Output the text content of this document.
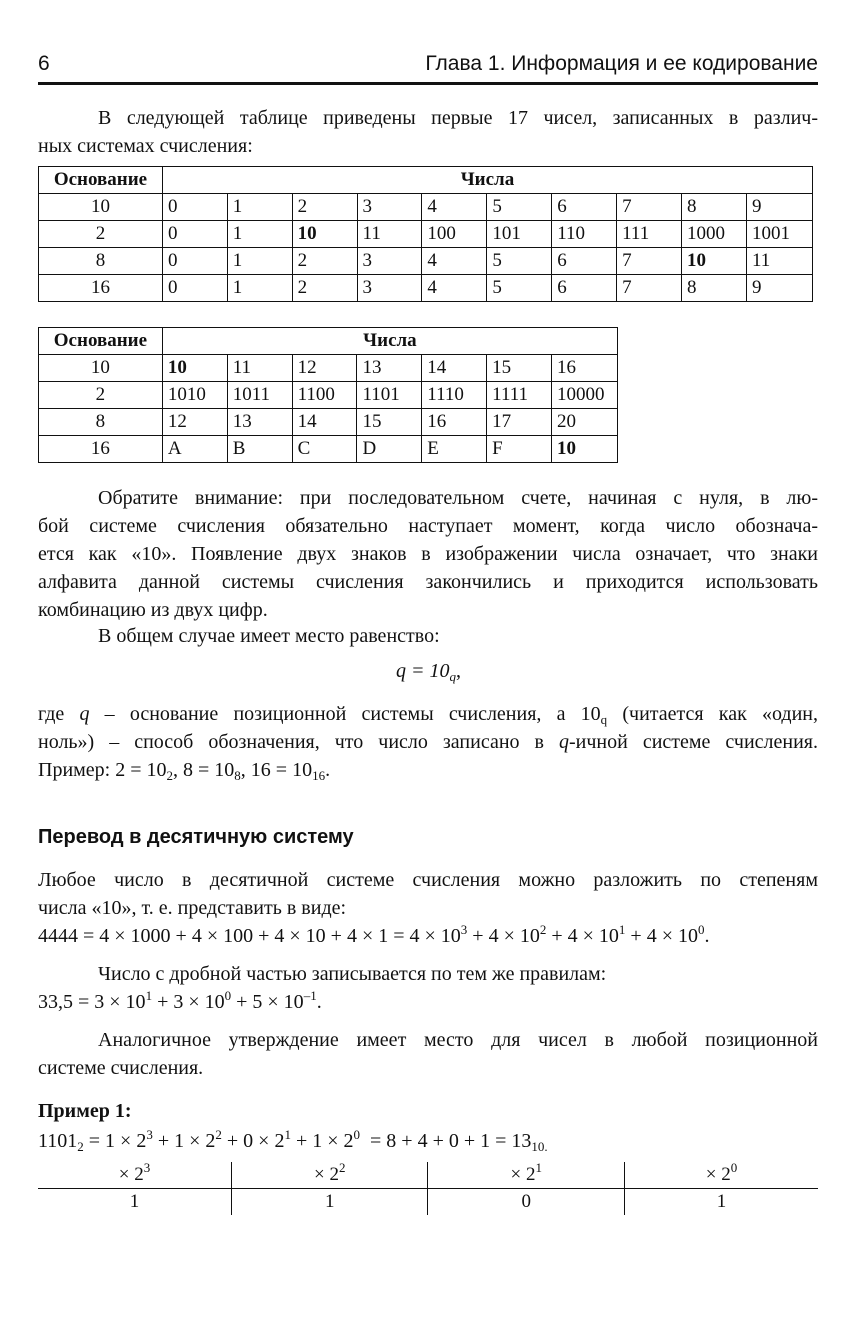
6	Глава 1. Информация и ее кодирование
В следующей таблице приведены первые 17 чисел, записанных в различ-
ных системах счисления:
Основание	Числа									
10	0	1	2	3	4	5	6	7	8	9
2	0	1	10	11	100	101	110	111	1000	1001
8	0	1	2	3	4	5	6	7	10	11
16	0	1	2	3	4	5	6	7	8	9
Основание	Числа						
10	10	11	12	13	14	15	16
2	1010	1011	1100	1101	1110	1111	10000
8	12	13	14	15	16	17	20
16	A	B	C	D	E	F	10
Обратите внимание: при последовательном счете, начиная с нуля, в лю-
бой системе счисления обязательно наступает момент, когда число обознача-
ется как «10». Появление двух знаков в изображении числа означает, что знаки
алфавита данной системы счисления закончились и приходится использовать
комбинацию из двух цифр.
В общем случае имеет место равенство:
$q = 10_q$,
где q – основание позиционной системы счисления, а $10_q$ (читается как «один,
ноль») – способ обозначения, что число записано в q-ичной системе счисления.
Пример: $2 = 10_2$, $8 = 10_8$, $16 = 10_{16}$.
Перевод в десятичную систему
Любое число в десятичной системе счисления можно разложить по степеням
числа «10», т. е. представить в виде:
$4444 = 4 \times 1000 + 4 \times 100 + 4 \times 10 + 4 \times 1 = 4 \times 10^3 + 4 \times 10^2 + 4 \times 10^1 + 4 \times 10^0$.
Число с дробной частью записывается по тем же правилам:
$33,5 = 3 \times 10^1 + 3 \times 10^0 + 5 \times 10^{-1}$.
Аналогичное утверждение имеет место для чисел в любой позиционной
системе счисления.
Пример 1:
$1101_2 = 1 \times 2^3 + 1 \times 2^2 + 0 \times 2^1 + 1 \times 2^0 = 8 + 4 + 0 + 1 = 13_{10.}$
× $2^3$	× $2^2$	× $2^1$	× $2^0$
1	1	0	1
